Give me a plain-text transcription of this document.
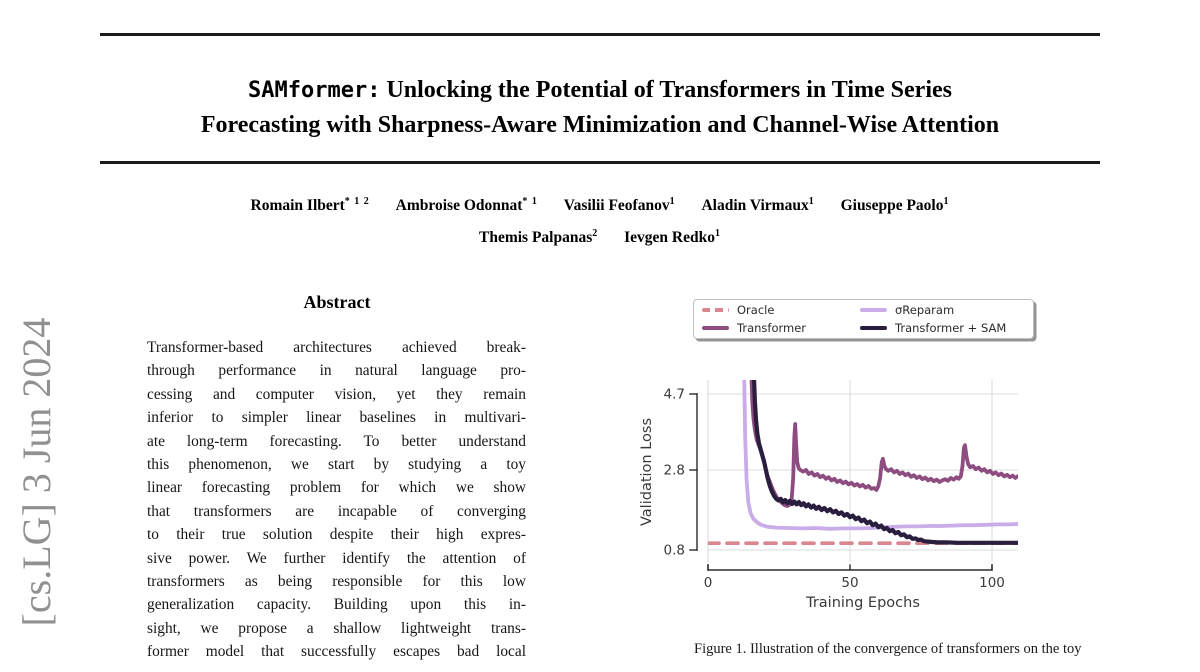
SAMformer: Unlocking the Potential of Transformers in Time Series
Forecasting with Sharpness-Aware Minimization and Channel-Wise Attention
Romain Ilbert$^{* 1 2}$ Ambroise Odonnat$^{* 1}$ Vasilii Feofanov$^1$ Aladin Virmaux$^1$ Giuseppe Paolo$^1$
Themis Palpanas$^2$ Ievgen Redko$^1$
Abstract
Transformer-based architectures achieved break-
through performance in natural language pro-
cessing and computer vision, yet they remain
inferior to simpler linear baselines in multivari-
ate long-term forecasting. To better understand
this phenomenon, we start by studying a toy
linear forecasting problem for which we show
that transformers are incapable of converging
to their true solution despite their high expres-
sive power. We further identify the attention of
transformers as being responsible for this low
generalization capacity. Building upon this in-
sight, we propose a shallow lightweight trans-
former model that successfully escapes bad local
[cs.LG] 3 Jun 2024
Oracle	σReparam
Transformer	Transformer + SAM
0	50	100
4.7
2.8
0.8
Training Epochs
Validation Loss
Figure 1. Illustration of the convergence of transformers on the toy
